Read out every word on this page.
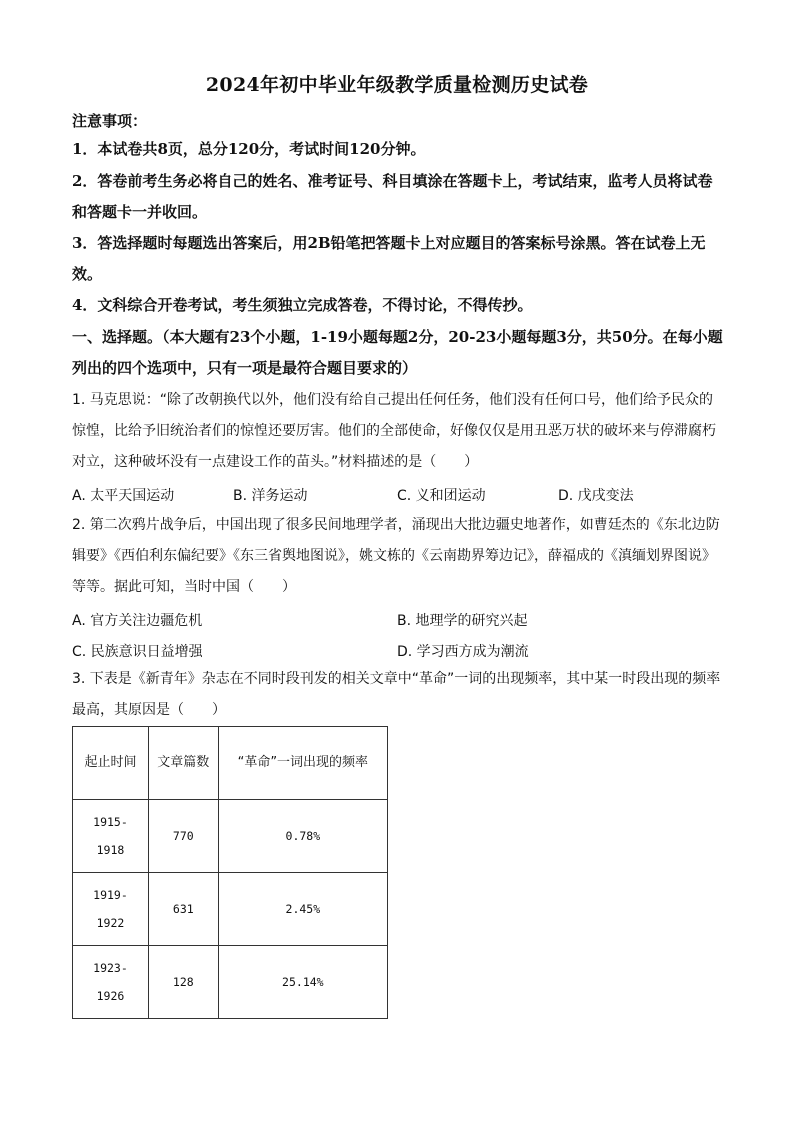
2024年初中毕业年级教学质量检测历史试卷
注意事项：
1．本试卷共8页，总分120分，考试时间120分钟。
2．答卷前考生务必将自己的姓名、准考证号、科目填涂在答题卡上，考试结束，监考人员将试卷和答题卡一并收回。
3．答选择题时每题选出答案后，用2B铅笔把答题卡上对应题目的答案标号涂黑。答在试卷上无效。
4．文科综合开卷考试，考生须独立完成答卷，不得讨论，不得传抄。
一、选择题。（本大题有23个小题，1-19小题每题2分，20-23小题每题3分，共50分。在每小题列出的四个选项中，只有一项是最符合题目要求的）
1. 马克思说：“除了改朝换代以外，他们没有给自己提出任何任务，他们没有任何口号，他们给予民众的惊惶，比给予旧统治者们的惊惶还要厉害。他们的全部使命，好像仅仅是用丑恶万状的破坏来与停滞腐朽对立，这种破坏没有一点建设工作的苗头。”材料描述的是（　　）
A. 太平天国运动	B. 洋务运动	C. 义和团运动	D. 戊戌变法
2. 第二次鸦片战争后，中国出现了很多民间地理学者，涌现出大批边疆史地著作，如曹廷杰的《东北边防辑要》《西伯利东偏纪要》《东三省舆地图说》，姚文栋的《云南勘界筹边记》，薛福成的《滇缅划界图说》等等。据此可知，当时中国（　　）
A. 官方关注边疆危机	B. 地理学的研究兴起
C. 民族意识日益增强	D. 学习西方成为潮流
3. 下表是《新青年》杂志在不同时段刊发的相关文章中“革命”一词的出现频率，其中某一时段出现的频率最高，其原因是（　　）
起止时间	文章篇数	“革命”一词出现的频率

1915-1918	770	0.78%

1919-1922	631	2.45%

1923-1926	128	25.14%
